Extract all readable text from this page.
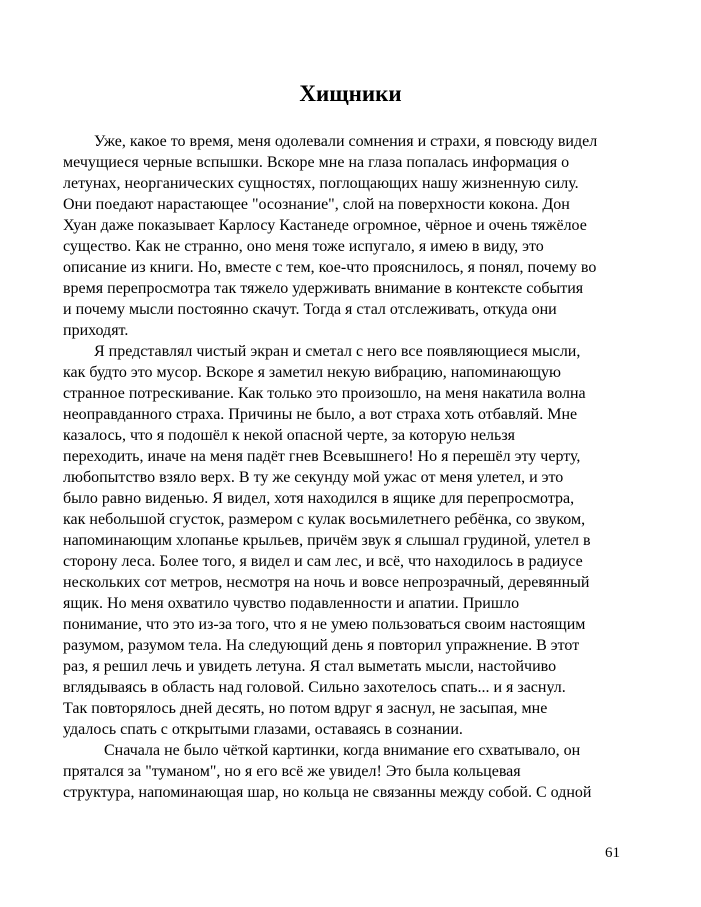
Хищники

Уже, какое то время, меня одолевали сомнения и страхи, я повсюду видел
мечущиеся черные вспышки. Вскоре мне на глаза попалась информация о
летунах, неорганических сущностях, поглощающих нашу жизненную силу.
Они поедают нарастающее "осознание", слой на поверхности кокона. Дон
Хуан даже показывает Карлосу Кастанеде огромное, чёрное и очень тяжёлое
существо. Как не странно, оно меня тоже испугало, я имею в виду, это
описание из книги. Но, вместе с тем, кое-что прояснилось, я понял, почему во
время перепросмотра так тяжело удерживать внимание в контексте события
и почему мысли постоянно скачут. Тогда я стал отслеживать, откуда они
приходят.

Я представлял чистый экран и сметал с него все появляющиеся мысли,
как будто это мусор. Вскоре я заметил некую вибрацию, напоминающую
странное потрескивание. Как только это произошло, на меня накатила волна
неоправданного страха. Причины не было, а вот страха хоть отбавляй. Мне
казалось, что я подошёл к некой опасной черте, за которую нельзя
переходить, иначе на меня падёт гнев Всевышнего! Но я перешёл эту черту,
любопытство взяло верх. В ту же секунду мой ужас от меня улетел, и это
было равно виденью. Я видел, хотя находился в ящике для перепросмотра,
как небольшой сгусток, размером с кулак восьмилетнего ребёнка, со звуком,
напоминающим хлопанье крыльев, причём звук я слышал грудиной, улетел в
сторону леса. Более того, я видел и сам лес, и всё, что находилось в радиусе
нескольких сот метров, несмотря на ночь и вовсе непрозрачный, деревянный
ящик. Но меня охватило чувство подавленности и апатии. Пришло
понимание, что это из-за того, что я не умею пользоваться своим настоящим
разумом, разумом тела. На следующий день я повторил упражнение. В этот
раз, я решил лечь и увидеть летуна. Я стал выметать мысли, настойчиво
вглядываясь в область над головой. Сильно захотелось спать... и я заснул.
Так повторялось дней десять, но потом вдруг я заснул, не засыпая, мне
удалось спать с открытыми глазами, оставаясь в сознании.

Сначала не было чёткой картинки, когда внимание его схватывало, он
прятался за "туманом", но я его всё же увидел! Это была кольцевая
структура, напоминающая шар, но кольца не связанны между собой. С одной

61
